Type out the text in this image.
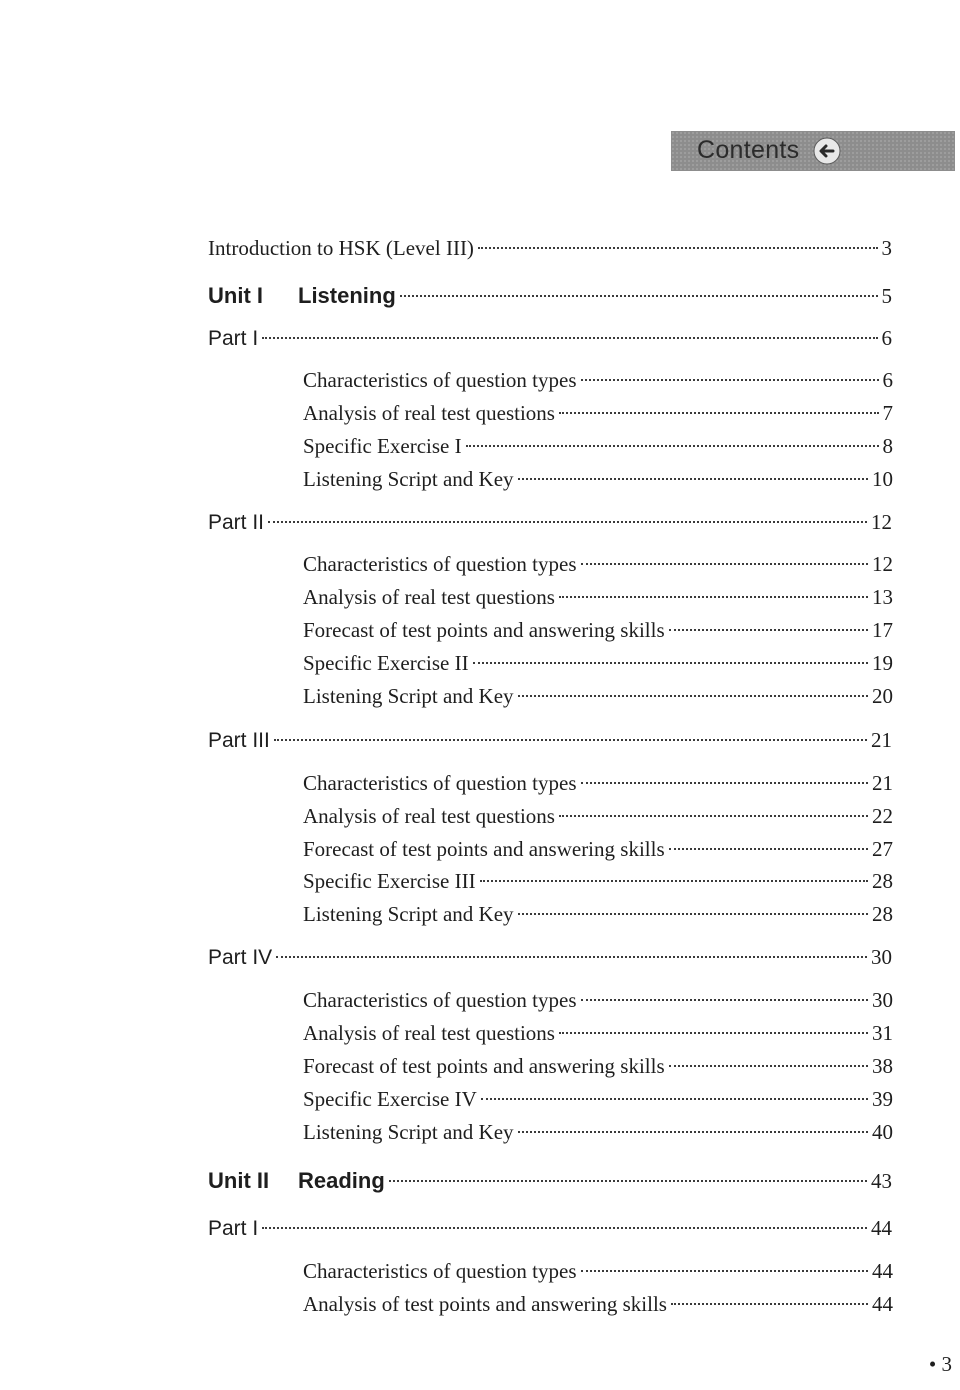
Contents
Introduction to HSK (Level III)	3
Unit I Listening	5
Part I	6
Characteristics of question types	6
Analysis of real test questions	7
Specific Exercise I	8
Listening Script and Key	10
Part II	12
Characteristics of question types	12
Analysis of real test questions	13
Forecast of test points and answering skills	17
Specific Exercise II	19
Listening Script and Key	20
Part III	21
Characteristics of question types	21
Analysis of real test questions	22
Forecast of test points and answering skills	27
Specific Exercise III	28
Listening Script and Key	28
Part IV	30
Characteristics of question types	30
Analysis of real test questions	31
Forecast of test points and answering skills	38
Specific Exercise IV	39
Listening Script and Key	40
Unit II Reading	43
Part I	44
Characteristics of question types	44
Analysis of test points and answering skills	44
• 3
